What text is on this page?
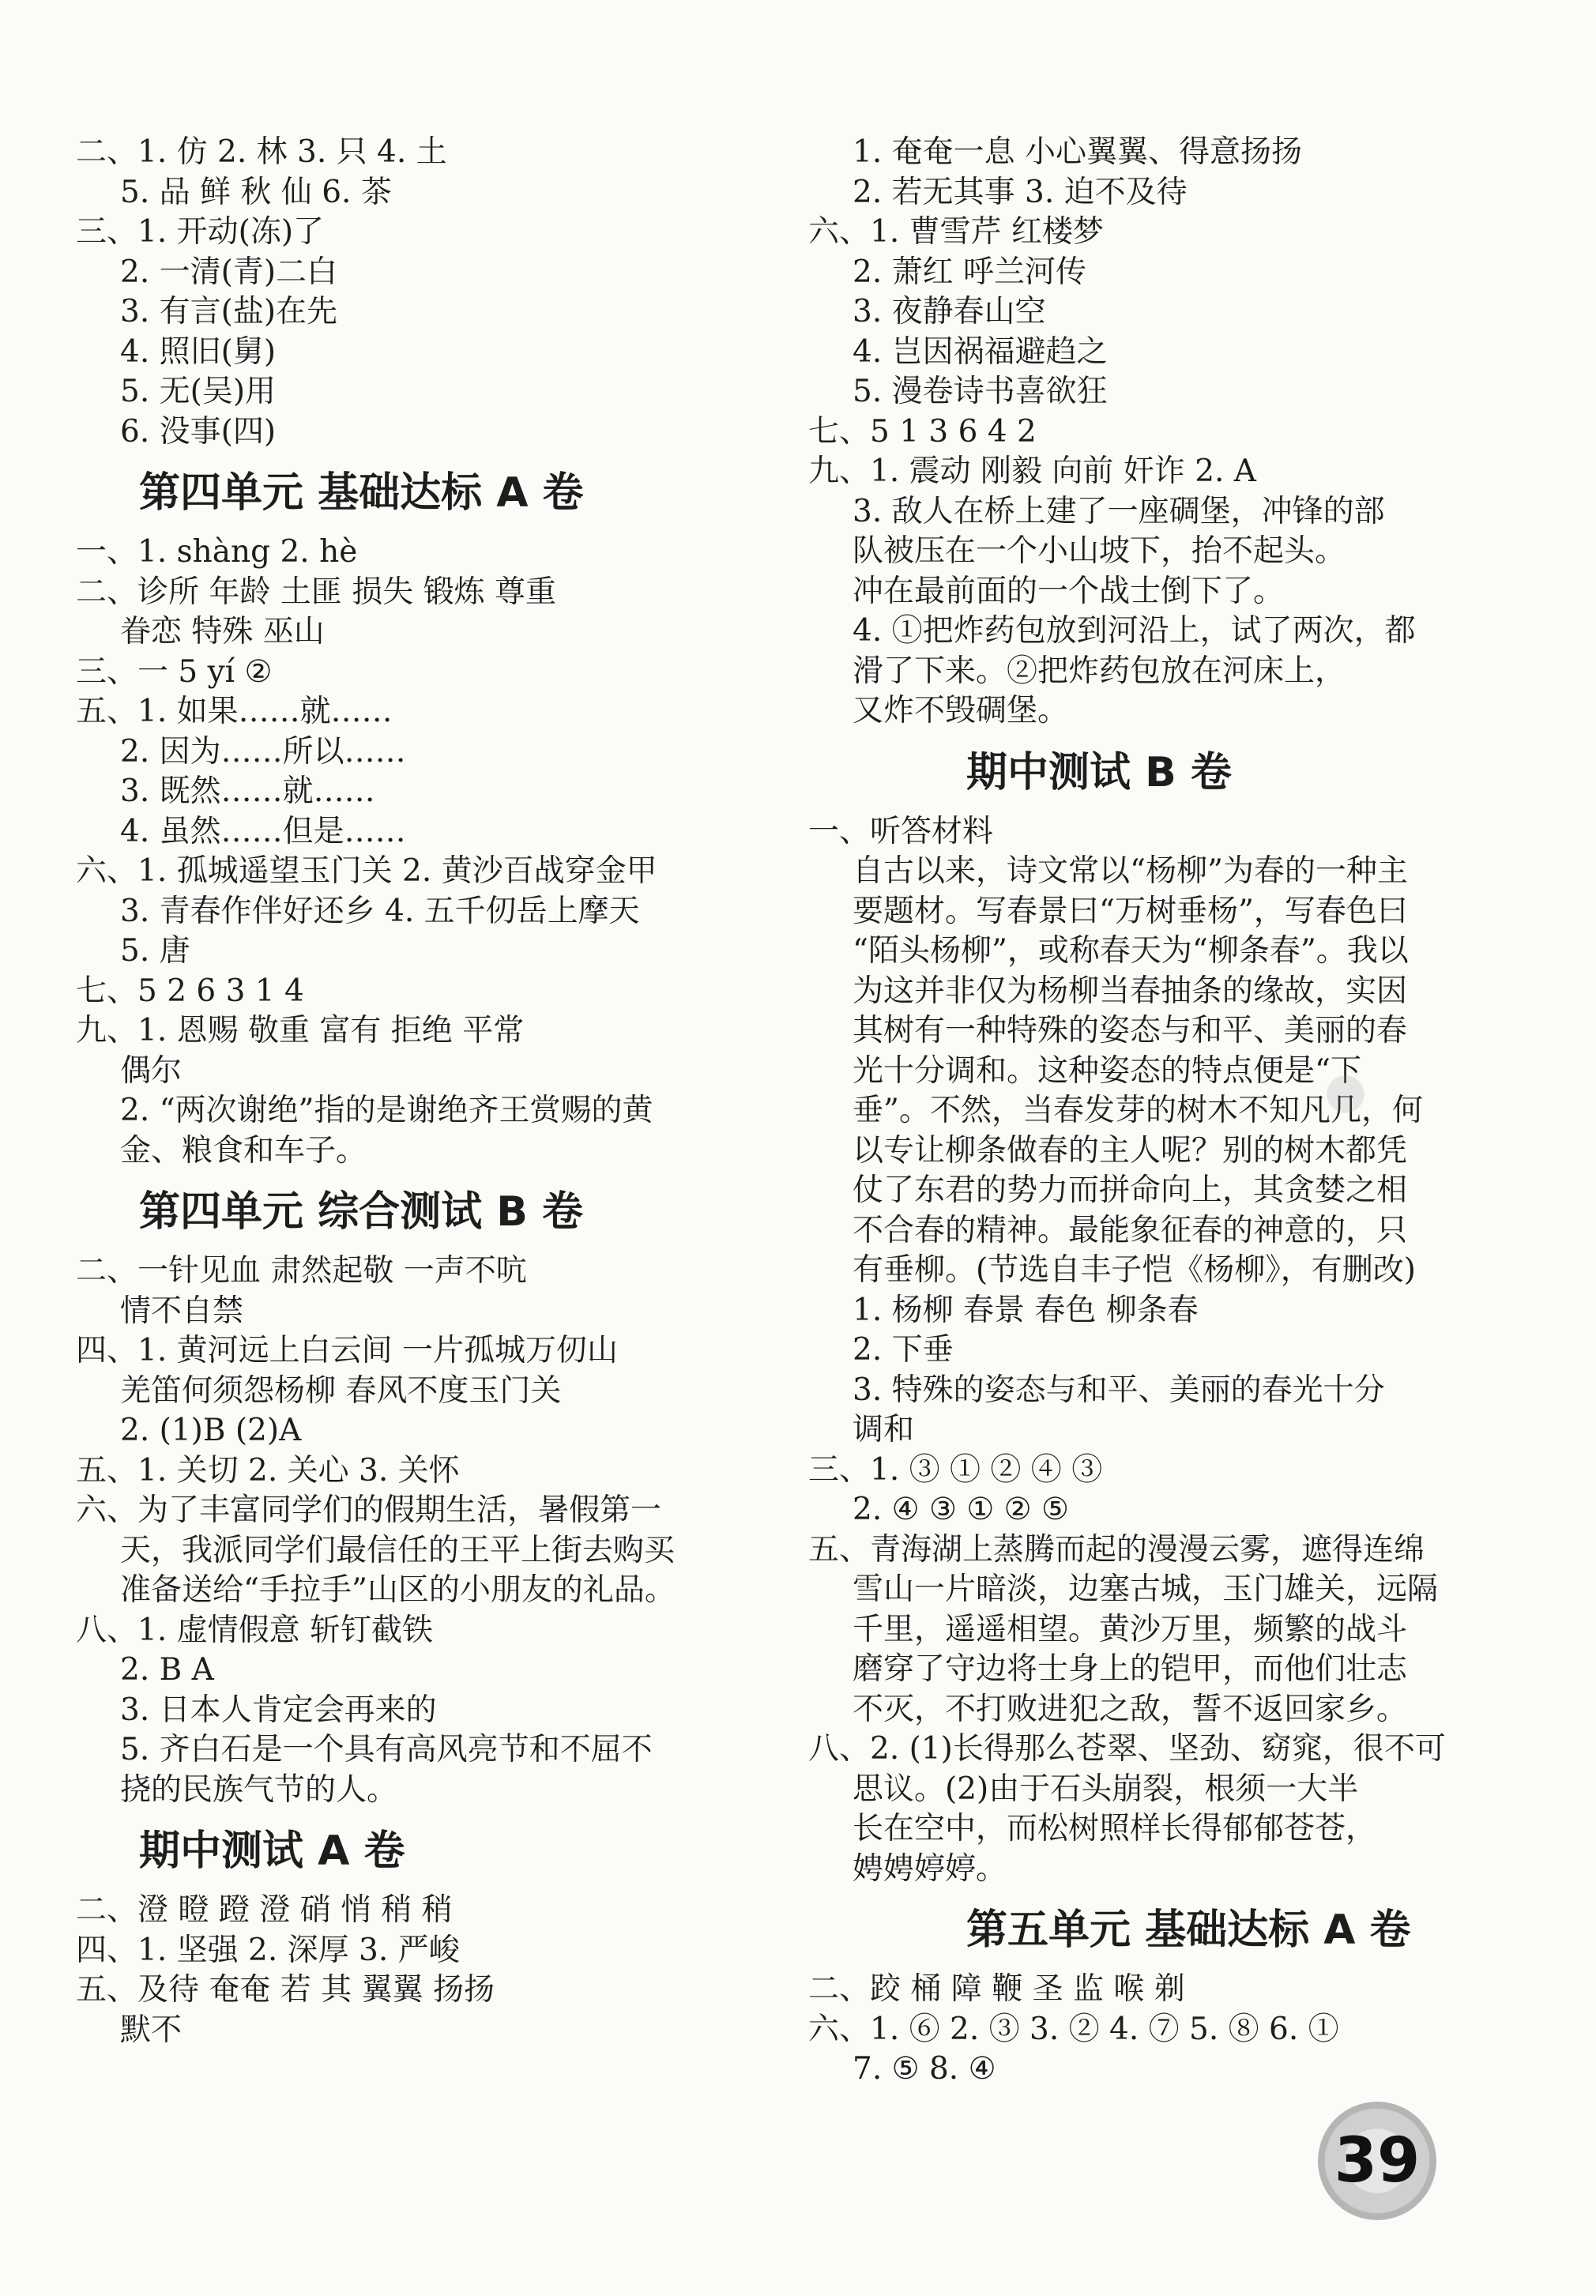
二、1. 仿 2. 林 3. 只 4. 土
5. 品 鲜 秋 仙 6. 茶
三、1. 开动(冻)了
2. 一清(青)二白
3. 有言(盐)在先
4. 照旧(舅)
5. 无(吴)用
6. 没事(四)
第四单元 基础达标 A 卷
一、1. shàng 2. hè
二、诊所 年龄 土匪 损失 锻炼 尊重
眷恋 特殊 巫山
三、一 5 yí ②
五、1. 如果……就……
2. 因为……所以……
3. 既然……就……
4. 虽然……但是……
六、1. 孤城遥望玉门关 2. 黄沙百战穿金甲
3. 青春作伴好还乡 4. 五千仞岳上摩天
5. 唐
七、5 2 6 3 1 4
九、1. 恩赐 敬重 富有 拒绝 平常
偶尔
2. “两次谢绝”指的是谢绝齐王赏赐的黄
金、粮食和车子。
第四单元 综合测试 B 卷
二、一针见血 肃然起敬 一声不吭
情不自禁
四、1. 黄河远上白云间 一片孤城万仞山
羌笛何须怨杨柳 春风不度玉门关
2. (1)B (2)A
五、1. 关切 2. 关心 3. 关怀
六、为了丰富同学们的假期生活，暑假第一
天，我派同学们最信任的王平上街去购买
准备送给“手拉手”山区的小朋友的礼品。
八、1. 虚情假意 斩钉截铁
2. B A
3. 日本人肯定会再来的
5. 齐白石是一个具有高风亮节和不屈不
挠的民族气节的人。
期中测试 A 卷
二、澄 瞪 蹬 澄 硝 悄 稍 稍
四、1. 坚强 2. 深厚 3. 严峻
五、及待 奄奄 若 其 翼翼 扬扬
默不
1. 奄奄一息 小心翼翼、得意扬扬
2. 若无其事 3. 迫不及待
六、1. 曹雪芹 红楼梦
2. 萧红 呼兰河传
3. 夜静春山空
4. 岂因祸福避趋之
5. 漫卷诗书喜欲狂
七、5 1 3 6 4 2
九、1. 震动 刚毅 向前 奸诈 2. A
3. 敌人在桥上建了一座碉堡，冲锋的部
队被压在一个小山坡下，抬不起头。
冲在最前面的一个战士倒下了。
4. ①把炸药包放到河沿上，试了两次，都
滑了下来。②把炸药包放在河床上，
又炸不毁碉堡。
期中测试 B 卷
一、听答材料
自古以来，诗文常以“杨柳”为春的一种主
要题材。写春景曰“万树垂杨”，写春色曰
“陌头杨柳”，或称春天为“柳条春”。我以
为这并非仅为杨柳当春抽条的缘故，实因
其树有一种特殊的姿态与和平、美丽的春
光十分调和。这种姿态的特点便是“下
垂”。不然，当春发芽的树木不知凡几，何
以专让柳条做春的主人呢？别的树木都凭
仗了东君的势力而拼命向上，其贪婪之相
不合春的精神。最能象征春的神意的，只
有垂柳。(节选自丰子恺《杨柳》，有删改)
1. 杨柳 春景 春色 柳条春
2. 下垂
3. 特殊的姿态与和平、美丽的春光十分
调和
三、1. ③ ① ② ④ ③
2. ④ ③ ① ② ⑤
五、青海湖上蒸腾而起的漫漫云雾，遮得连绵
雪山一片暗淡，边塞古城，玉门雄关，远隔
千里，遥遥相望。黄沙万里，频繁的战斗
磨穿了守边将士身上的铠甲，而他们壮志
不灭，不打败进犯之敌，誓不返回家乡。
八、2. (1)长得那么苍翠、坚劲、窈窕，很不可
思议。(2)由于石头崩裂，根须一大半
长在空中，而松树照样长得郁郁苍苍，
娉娉婷婷。
第五单元 基础达标 A 卷
二、跤 桶 障 鞭 圣 监 喉 剃
六、1. ⑥ 2. ③ 3. ② 4. ⑦ 5. ⑧ 6. ①
7. ⑤ 8. ④
39
